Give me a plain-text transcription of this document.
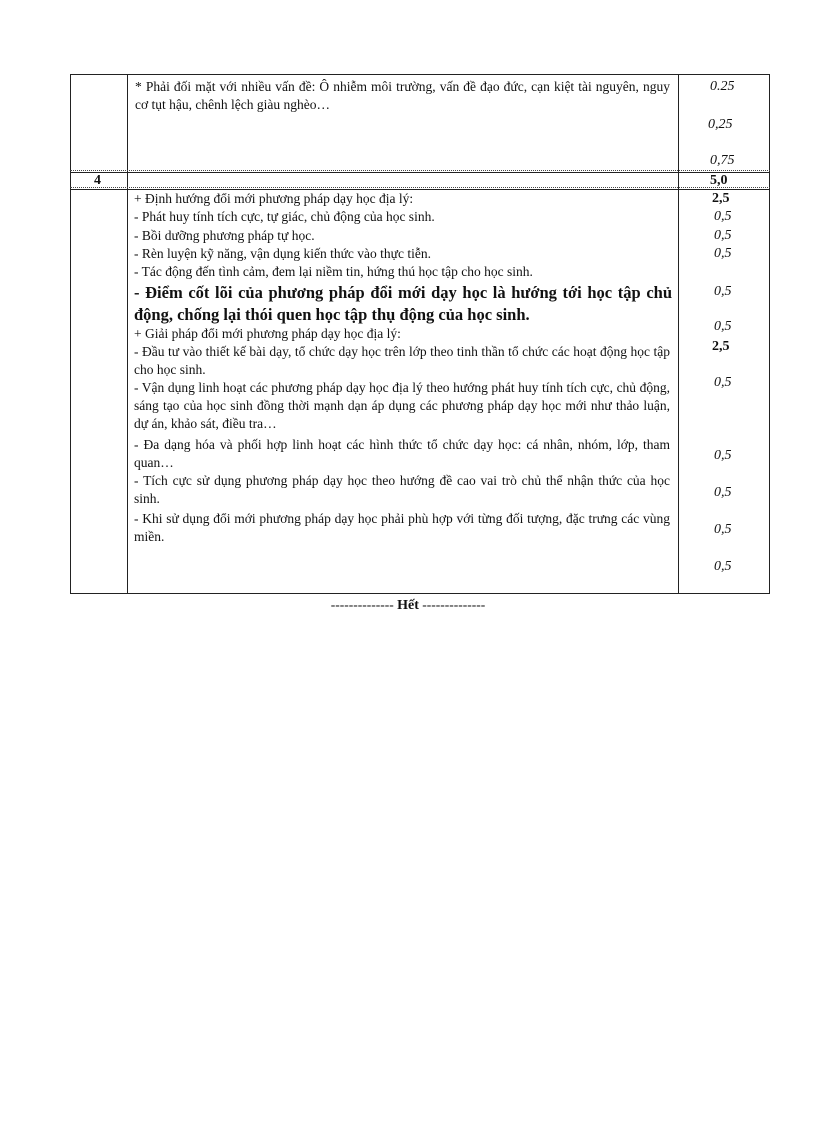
* Phải đối mặt với nhiều vấn đề: Ô nhiễm môi trường, vấn đề đạo đức, cạn kiệt tài nguyên, nguy cơ tụt hậu, chênh lệch giàu nghèo…
0.25
0,25
0,75
4	5,0
+ Định hướng đổi mới phương pháp dạy học địa lý:
- Phát huy tính tích cực, tự giác, chủ động của học sinh.
- Bồi dưỡng phương pháp tự học.
- Rèn luyện kỹ năng, vận dụng kiến thức vào thực tiễn.
- Tác động đến tình cảm, đem lại niềm tin, hứng thú học tập cho học sinh.
- Điểm cốt lõi của phương pháp đổi mới dạy học là hướng tới học tập chủ động, chống lại thói quen học tập thụ động của học sinh.
+ Giải pháp đổi mới phương pháp dạy học địa lý:
- Đầu tư vào thiết kế bài dạy, tổ chức dạy học trên lớp theo tinh thần tổ chức các hoạt động học tập cho học sinh.
- Vận dụng linh hoạt các phương pháp dạy học địa lý theo hướng phát huy tính tích cực, chủ động, sáng tạo của học sinh đồng thời mạnh dạn áp dụng các phương pháp dạy học mới như thảo luận, dự án, khảo sát, điều tra…
- Đa dạng hóa và phối hợp linh hoạt các hình thức tổ chức dạy học: cá nhân, nhóm, lớp, tham quan…
- Tích cực sử dụng phương pháp dạy học theo hướng đề cao vai trò chủ thể nhận thức của học sinh.
- Khi sử dụng đổi mới phương pháp dạy học phải phù hợp với từng đối tượng, đặc trưng các vùng miền.
2,5
0,5
0,5
0,5
0,5
0,5
2,5
0,5
0,5
0,5
0,5
0,5
-------------- Hết --------------
